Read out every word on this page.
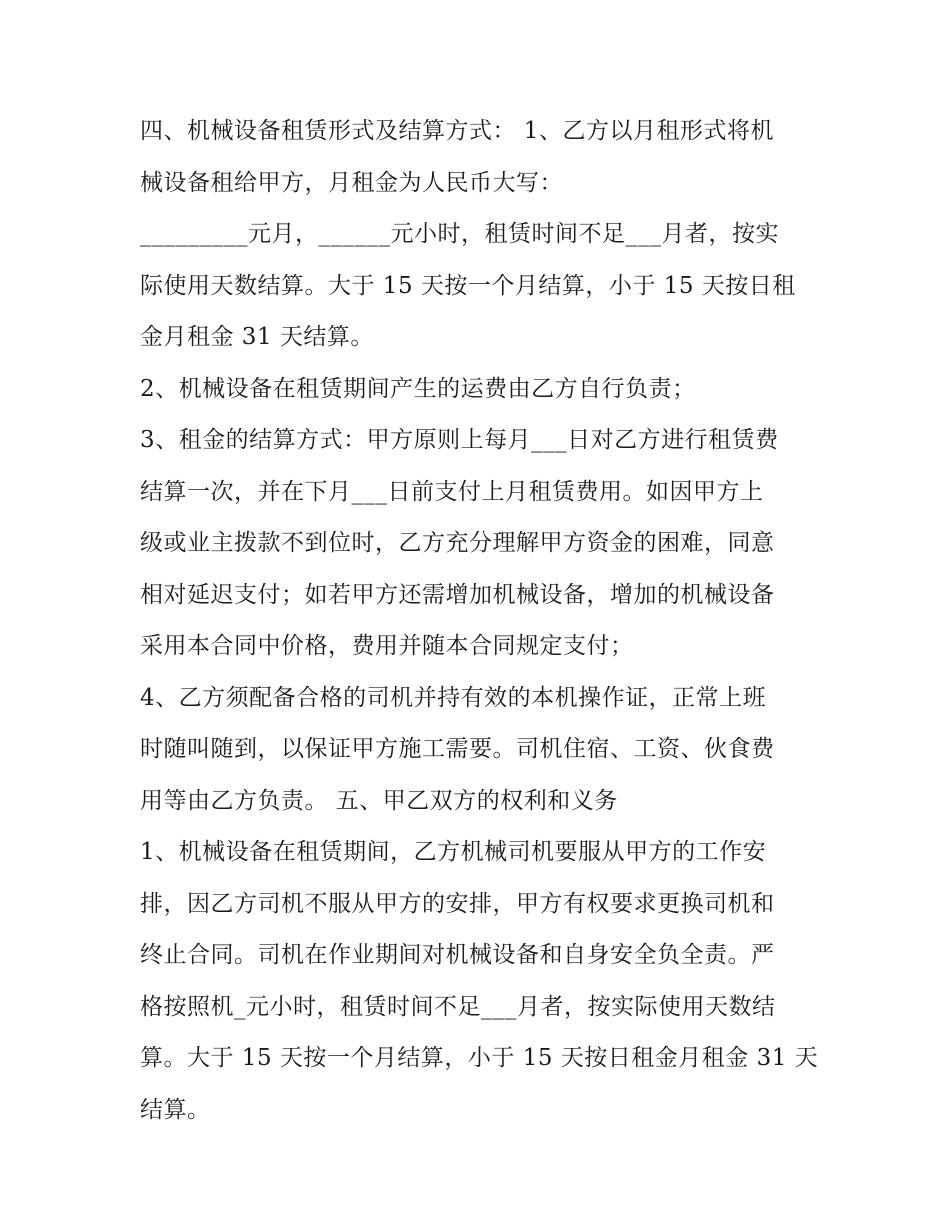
四、机械设备租赁形式及结算方式： 1、乙方以月租形式将机
械设备租给甲方，月租金为人民币大写：
_________元月，______元小时，租赁时间不足___月者，按实
际使用天数结算。大于 15 天按一个月结算，小于 15 天按日租
金月租金 31 天结算。
2、机械设备在租赁期间产生的运费由乙方自行负责；
3、租金的结算方式：甲方原则上每月___日对乙方进行租赁费
结算一次，并在下月___日前支付上月租赁费用。如因甲方上
级或业主拨款不到位时，乙方充分理解甲方资金的困难，同意
相对延迟支付；如若甲方还需增加机械设备，增加的机械设备
采用本合同中价格，费用并随本合同规定支付；
4、乙方须配备合格的司机并持有效的本机操作证，正常上班
时随叫随到，以保证甲方施工需要。司机住宿、工资、伙食费
用等由乙方负责。 五、甲乙双方的权利和义务
1、机械设备在租赁期间，乙方机械司机要服从甲方的工作安
排，因乙方司机不服从甲方的安排，甲方有权要求更换司机和
终止合同。司机在作业期间对机械设备和自身安全负全责。严
格按照机_元小时，租赁时间不足___月者，按实际使用天数结
算。大于 15 天按一个月结算，小于 15 天按日租金月租金 31 天
结算。
